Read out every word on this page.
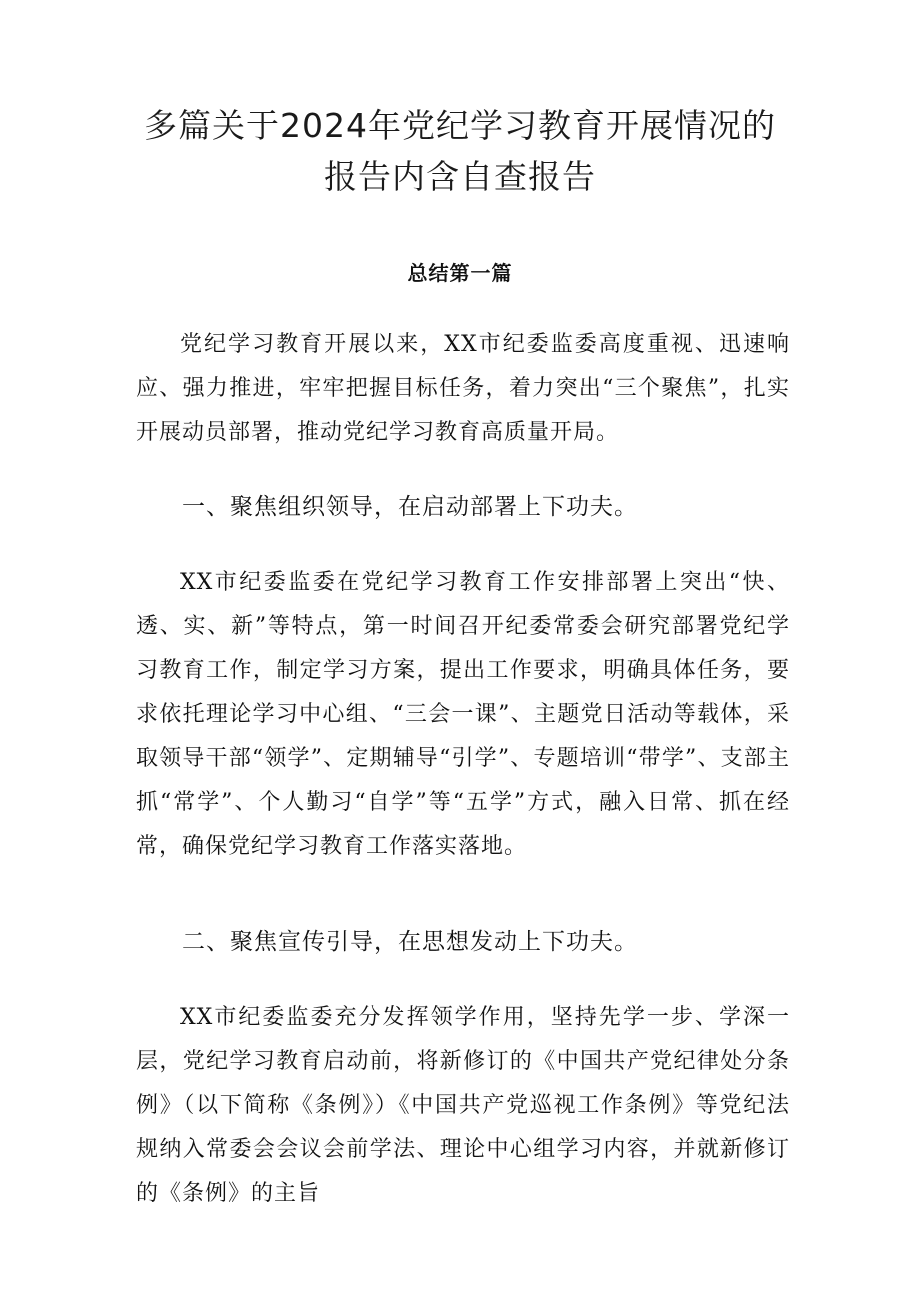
多篇关于2024年党纪学习教育开展情况的
报告内含自查报告
总结第一篇

党纪学习教育开展以来，XX市纪委监委高度重视、迅速响应、强力推进，牢牢把握目标任务，着力突出“三个聚焦”，扎实开展动员部署，推动党纪学习教育高质量开局。

一、聚焦组织领导，在启动部署上下功夫。

XX市纪委监委在党纪学习教育工作安排部署上突出“快、透、实、新”等特点，第一时间召开纪委常委会研究部署党纪学习教育工作，制定学习方案，提出工作要求，明确具体任务，要求依托理论学习中心组、“三会一课”、主题党日活动等载体，采取领导干部“领学”、定期辅导“引学”、专题培训“带学”、支部主抓“常学”、个人勤习“自学”等“五学”方式，融入日常、抓在经常，确保党纪学习教育工作落实落地。

二、聚焦宣传引导，在思想发动上下功夫。

XX市纪委监委充分发挥领学作用，坚持先学一步、学深一层，党纪学习教育启动前，将新修订的《中国共产党纪律处分条例》（以下简称《条例》）《中国共产党巡视工作条例》等党纪法规纳入常委会会议会前学法、理论中心组学习内容，并就新修订的《条例》的主旨
